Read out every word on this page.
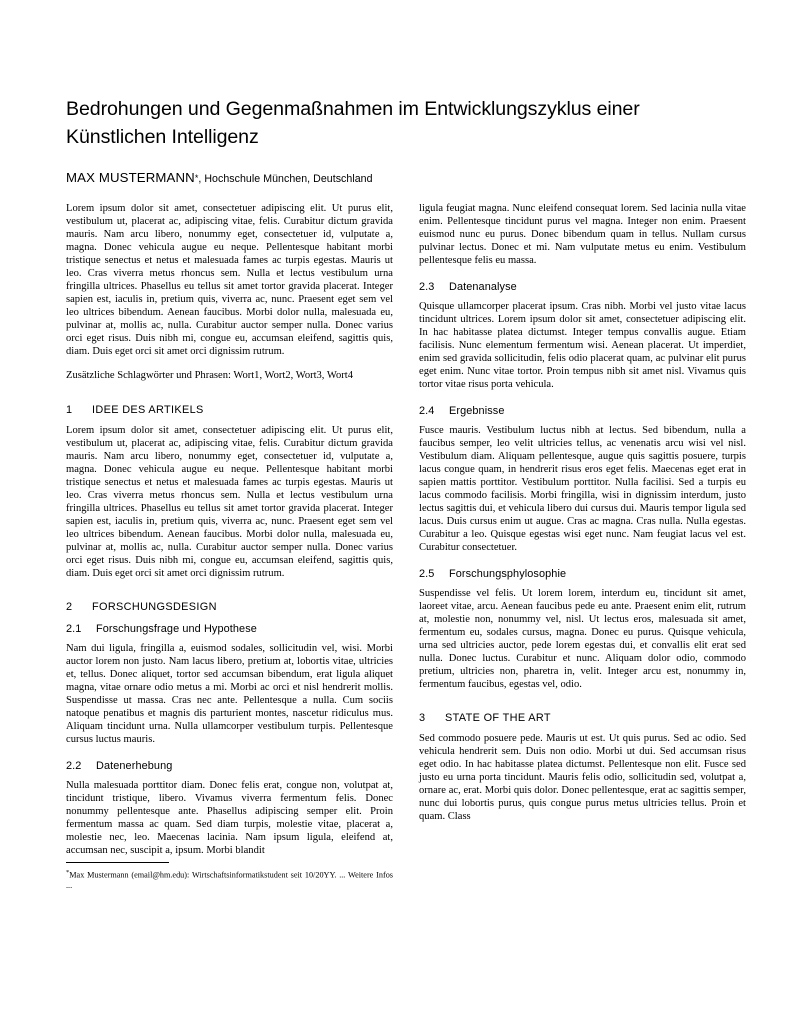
Bedrohungen und Gegenmaßnahmen im Entwicklungszyklus einer Künstlichen Intelligenz
MAX MUSTERMANN*, Hochschule München, Deutschland

Lorem ipsum dolor sit amet, consectetuer adipiscing elit. Ut purus elit, vestibulum ut, placerat ac, adipiscing vitae, felis. Curabitur dictum gravida mauris. Nam arcu libero, nonummy eget, consectetuer id, vulputate a, magna. Donec vehicula augue eu neque. Pellentesque habitant morbi tristique senectus et netus et malesuada fames ac turpis egestas. Mauris ut leo. Cras viverra metus rhoncus sem. Nulla et lectus vestibulum urna fringilla ultrices. Phasellus eu tellus sit amet tortor gravida placerat. Integer sapien est, iaculis in, pretium quis, viverra ac, nunc. Praesent eget sem vel leo ultrices bibendum. Aenean faucibus. Morbi dolor nulla, malesuada eu, pulvinar at, mollis ac, nulla. Curabitur auctor semper nulla. Donec varius orci eget risus. Duis nibh mi, congue eu, accumsan eleifend, sagittis quis, diam. Duis eget orci sit amet orci dignissim rutrum.

Zusätzliche Schlagwörter und Phrasen: Wort1, Wort2, Wort3, Wort4

1	IDEE DES ARTIKELS

Lorem ipsum dolor sit amet, consectetuer adipiscing elit. Ut purus elit, vestibulum ut, placerat ac, adipiscing vitae, felis. Curabitur dictum gravida mauris. Nam arcu libero, nonummy eget, consectetuer id, vulputate a, magna. Donec vehicula augue eu neque. Pellentesque habitant morbi tristique senectus et netus et malesuada fames ac turpis egestas. Mauris ut leo. Cras viverra metus rhoncus sem. Nulla et lectus vestibulum urna fringilla ultrices. Phasellus eu tellus sit amet tortor gravida placerat. Integer sapien est, iaculis in, pretium quis, viverra ac, nunc. Praesent eget sem vel leo ultrices bibendum. Aenean faucibus. Morbi dolor nulla, malesuada eu, pulvinar at, mollis ac, nulla. Curabitur auctor semper nulla. Donec varius orci eget risus. Duis nibh mi, congue eu, accumsan eleifend, sagittis quis, diam. Duis eget orci sit amet orci dignissim rutrum.

2	FORSCHUNGSDESIGN
2.1	Forschungsfrage und Hypothese

Nam dui ligula, fringilla a, euismod sodales, sollicitudin vel, wisi. Morbi auctor lorem non justo. Nam lacus libero, pretium at, lobortis vitae, ultricies et, tellus. Donec aliquet, tortor sed accumsan bibendum, erat ligula aliquet magna, vitae ornare odio metus a mi. Morbi ac orci et nisl hendrerit mollis. Suspendisse ut massa. Cras nec ante. Pellentesque a nulla. Cum sociis natoque penatibus et magnis dis parturient montes, nascetur ridiculus mus. Aliquam tincidunt urna. Nulla ullamcorper vestibulum turpis. Pellentesque cursus luctus mauris.

2.2	Datenerhebung

Nulla malesuada porttitor diam. Donec felis erat, congue non, volutpat at, tincidunt tristique, libero. Vivamus viverra fermentum felis. Donec nonummy pellentesque ante. Phasellus adipiscing semper elit. Proin fermentum massa ac quam. Sed diam turpis, molestie vitae, placerat a, molestie nec, leo. Maecenas lacinia. Nam ipsum ligula, eleifend at, accumsan nec, suscipit a, ipsum. Morbi blandit

ligula feugiat magna. Nunc eleifend consequat lorem. Sed lacinia nulla vitae enim. Pellentesque tincidunt purus vel magna. Integer non enim. Praesent euismod nunc eu purus. Donec bibendum quam in tellus. Nullam cursus pulvinar lectus. Donec et mi. Nam vulputate metus eu enim. Vestibulum pellentesque felis eu massa.

2.3	Datenanalyse

Quisque ullamcorper placerat ipsum. Cras nibh. Morbi vel justo vitae lacus tincidunt ultrices. Lorem ipsum dolor sit amet, consectetuer adipiscing elit. In hac habitasse platea dictumst. Integer tempus convallis augue. Etiam facilisis. Nunc elementum fermentum wisi. Aenean placerat. Ut imperdiet, enim sed gravida sollicitudin, felis odio placerat quam, ac pulvinar elit purus eget enim. Nunc vitae tortor. Proin tempus nibh sit amet nisl. Vivamus quis tortor vitae risus porta vehicula.

2.4	Ergebnisse

Fusce mauris. Vestibulum luctus nibh at lectus. Sed bibendum, nulla a faucibus semper, leo velit ultricies tellus, ac venenatis arcu wisi vel nisl. Vestibulum diam. Aliquam pellentesque, augue quis sagittis posuere, turpis lacus congue quam, in hendrerit risus eros eget felis. Maecenas eget erat in sapien mattis porttitor. Vestibulum porttitor. Nulla facilisi. Sed a turpis eu lacus commodo facilisis. Morbi fringilla, wisi in dignissim interdum, justo lectus sagittis dui, et vehicula libero dui cursus dui. Mauris tempor ligula sed lacus. Duis cursus enim ut augue. Cras ac magna. Cras nulla. Nulla egestas. Curabitur a leo. Quisque egestas wisi eget nunc. Nam feugiat lacus vel est. Curabitur consectetuer.

2.5	Forschungsphylosophie

Suspendisse vel felis. Ut lorem lorem, interdum eu, tincidunt sit amet, laoreet vitae, arcu. Aenean faucibus pede eu ante. Praesent enim elit, rutrum at, molestie non, nonummy vel, nisl. Ut lectus eros, malesuada sit amet, fermentum eu, sodales cursus, magna. Donec eu purus. Quisque vehicula, urna sed ultricies auctor, pede lorem egestas dui, et convallis elit erat sed nulla. Donec luctus. Curabitur et nunc. Aliquam dolor odio, commodo pretium, ultricies non, pharetra in, velit. Integer arcu est, nonummy in, fermentum faucibus, egestas vel, odio.

3	STATE OF THE ART

Sed commodo posuere pede. Mauris ut est. Ut quis purus. Sed ac odio. Sed vehicula hendrerit sem. Duis non odio. Morbi ut dui. Sed accumsan risus eget odio. In hac habitasse platea dictumst. Pellentesque non elit. Fusce sed justo eu urna porta tincidunt. Mauris felis odio, sollicitudin sed, volutpat a, ornare ac, erat. Morbi quis dolor. Donec pellentesque, erat ac sagittis semper, nunc dui lobortis purus, quis congue purus metus ultricies tellus. Proin et quam. Class

*Max Mustermann (email@hm.edu): Wirtschaftsinformatikstudent seit 10/20YY. ... Weitere Infos ...
